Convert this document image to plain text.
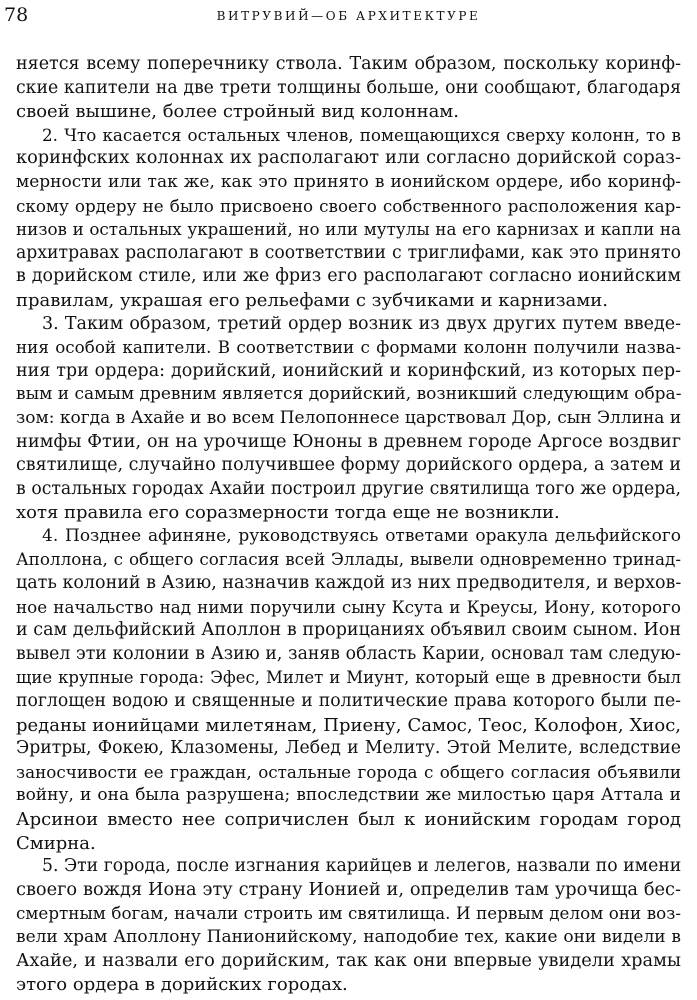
78	ВИТРУВИЙ—ОБ АРХИТЕКТУРЕ
няется всему поперечнику ствола. Таким образом, поскольку коринф-
ские капители на две трети толщины больше, они сообщают, благодаря
своей вышине, более стройный вид колоннам.
2. Что касается остальных членов, помещающихся сверху колонн, то в
коринфских колоннах их располагают или согласно дорийской сораз-
мерности или так же, как это принято в ионийском ордере, ибо коринф-
скому ордеру не было присвоено своего собственного расположения кар-
низов и остальных украшений, но или мутулы на его карнизах и капли на
архитравах располагают в соответствии с триглифами, как это принято
в дорийском стиле, или же фриз его располагают согласно ионийским
правилам, украшая его рельефами с зубчиками и карнизами.
3. Таким образом, третий ордер возник из двух других путем введе-
ния особой капители. В соответствии с формами колонн получили назва-
ния три ордера: дорийский, ионийский и коринфский, из которых пер-
вым и самым древним является дорийский, возникший следующим обра-
зом: когда в Ахайе и во всем Пелопоннесе царствовал Дор, сын Эллина и
нимфы Фтии, он на урочище Юноны в древнем городе Аргосе воздвиг
святилище, случайно получившее форму дорийского ордера, а затем и
в остальных городах Ахайи построил другие святилища того же ордера,
хотя правила его соразмерности тогда еще не возникли.
4. Позднее афиняне, руководствуясь ответами оракула дельфийского
Аполлона, с общего согласия всей Эллады, вывели одновременно тринад-
цать колоний в Азию, назначив каждой из них предводителя, и верхов-
ное начальство над ними поручили сыну Ксута и Креусы, Иону, которого
и сам дельфийский Аполлон в прорицаниях объявил своим сыном. Ион
вывел эти колонии в Азию и, заняв область Карии, основал там следую-
щие крупные города: Эфес, Милет и Миунт, который еще в древности был
поглощен водою и священные и политические права которого были пе-
реданы ионийцами милетянам, Приену, Самос, Теос, Колофон, Хиос,
Эритры, Фокею, Клазомены, Лебед и Мелиту. Этой Мелите, вследствие
заносчивости ее граждан, остальные города с общего согласия объявили
войну, и она была разрушена; впоследствии же милостью царя Аттала и
Арсинои вместо нее сопричислен был к ионийским городам город
Смирна.
5. Эти города, после изгнания карийцев и лелегов, назвали по имени
своего вождя Иона эту страну Ионией и, определив там урочища бес-
смертным богам, начали строить им святилища. И первым делом они воз-
вели храм Аполлону Панионийскому, наподобие тех, какие они видели в
Ахайе, и назвали его дорийским, так как они впервые увидели храмы
этого ордера в дорийских городах.
